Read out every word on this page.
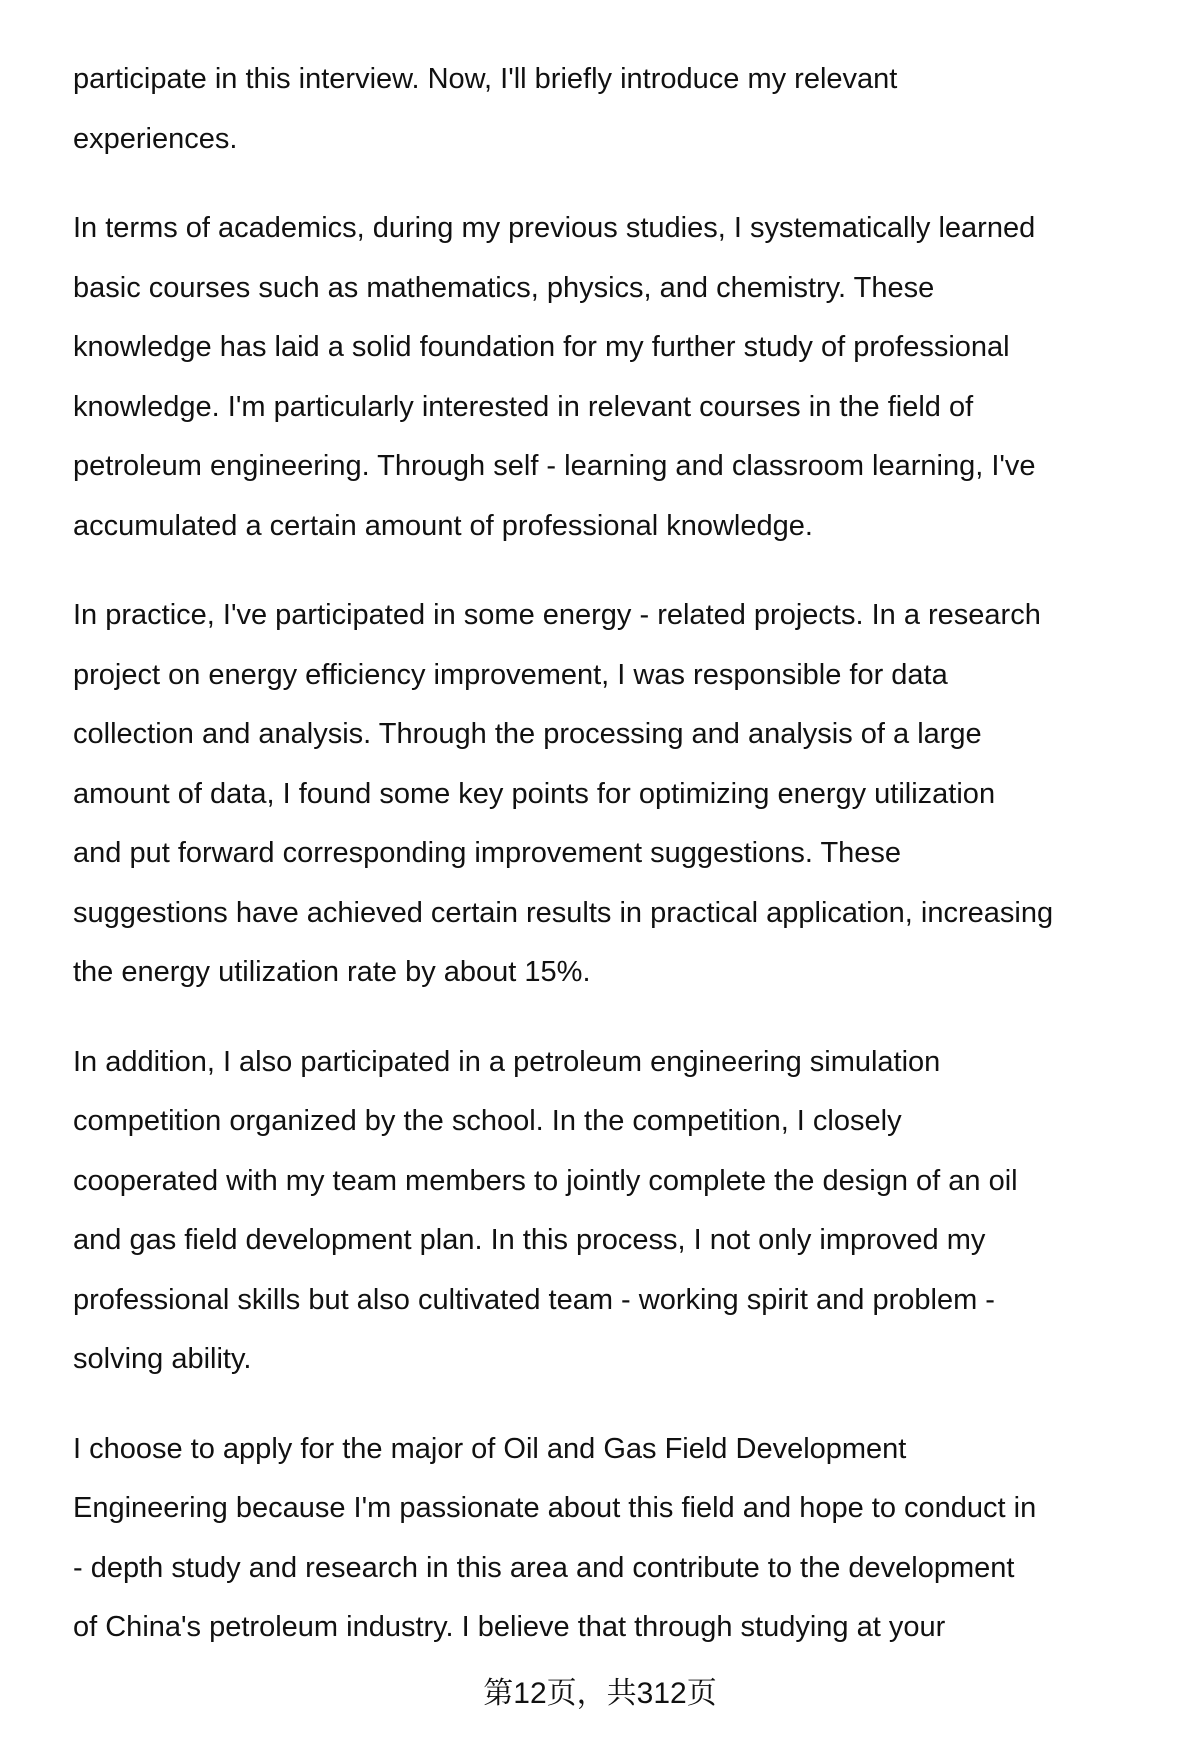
participate in this interview. Now, I'll briefly introduce my relevant
experiences.
In terms of academics, during my previous studies, I systematically learned
basic courses such as mathematics, physics, and chemistry. These
knowledge has laid a solid foundation for my further study of professional
knowledge. I'm particularly interested in relevant courses in the field of
petroleum engineering. Through self - learning and classroom learning, I've
accumulated a certain amount of professional knowledge.
In practice, I've participated in some energy - related projects. In a research
project on energy efficiency improvement, I was responsible for data
collection and analysis. Through the processing and analysis of a large
amount of data, I found some key points for optimizing energy utilization
and put forward corresponding improvement suggestions. These
suggestions have achieved certain results in practical application, increasing
the energy utilization rate by about 15%.
In addition, I also participated in a petroleum engineering simulation
competition organized by the school. In the competition, I closely
cooperated with my team members to jointly complete the design of an oil
and gas field development plan. In this process, I not only improved my
professional skills but also cultivated team - working spirit and problem -
solving ability.
I choose to apply for the major of Oil and Gas Field Development
Engineering because I'm passionate about this field and hope to conduct in
- depth study and research in this area and contribute to the development
of China's petroleum industry. I believe that through studying at your
第12页，共312页
